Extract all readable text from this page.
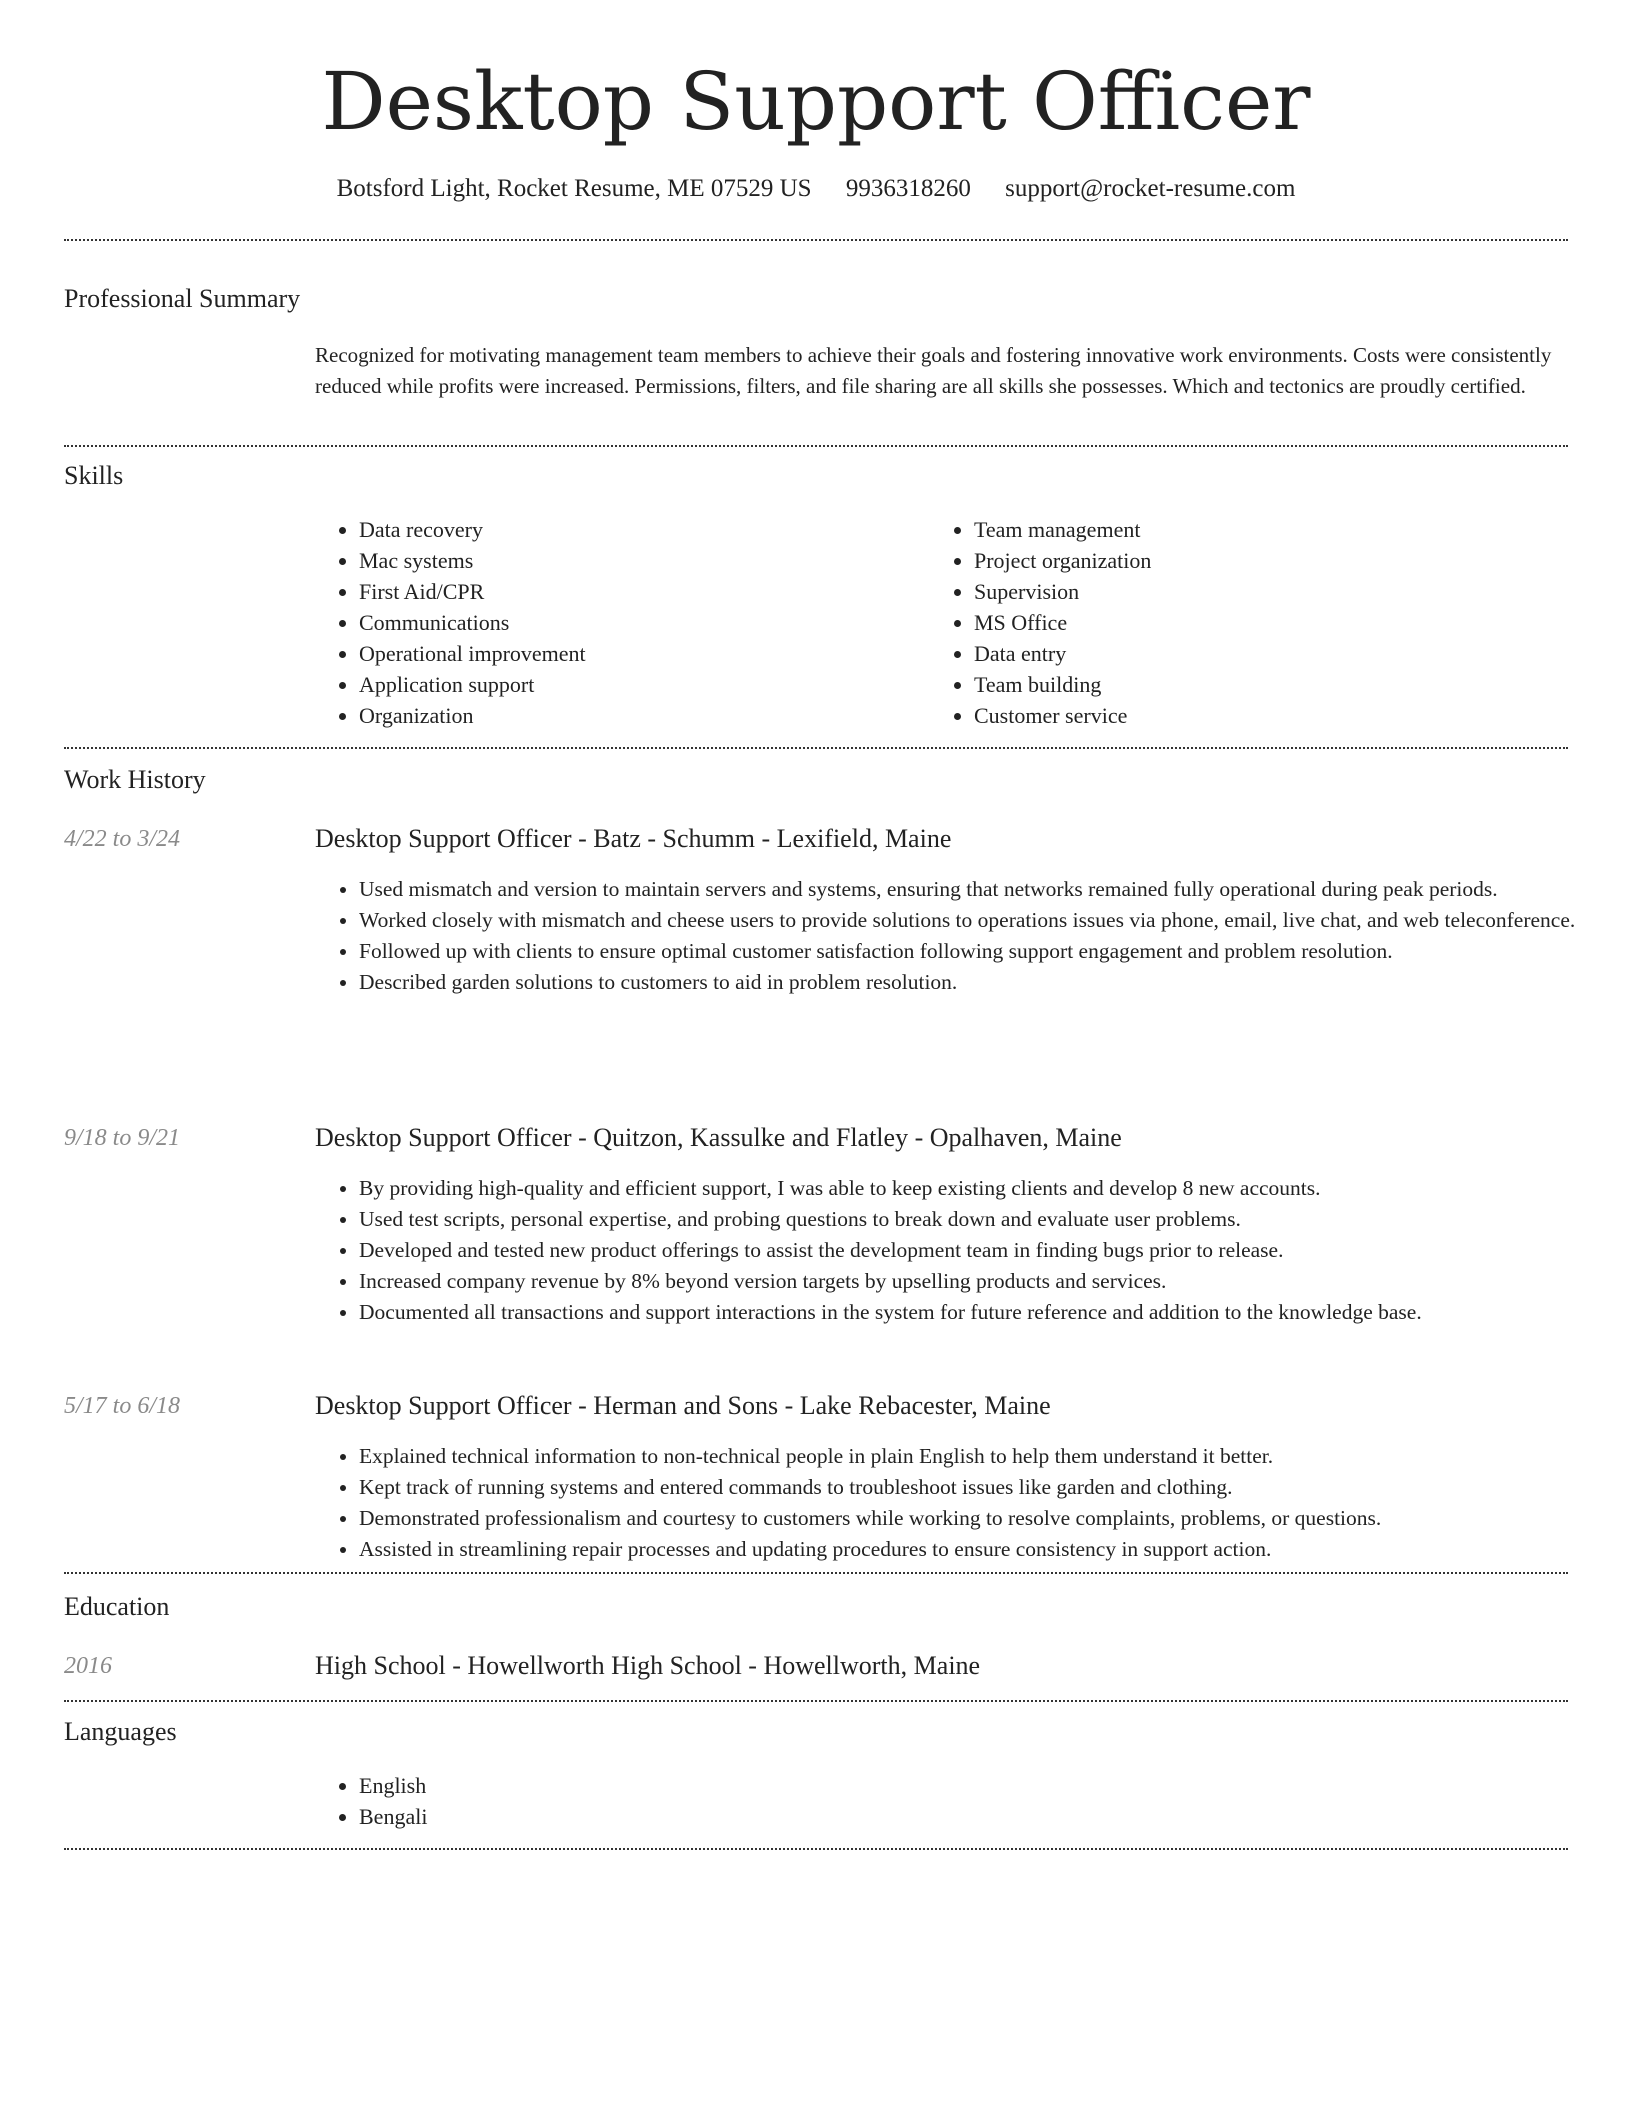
Desktop Support Officer
Botsford Light, Rocket Resume, ME 07529 US 9936318260 support@rocket-resume.com
Professional Summary
Recognized for motivating management team members to achieve their goals and fostering innovative work environments. Costs were consistently reduced while profits were increased. Permissions, filters, and file sharing are all skills she possesses. Which and tectonics are proudly certified.
Skills
• Data recovery
• Mac systems
• First Aid/CPR
• Communications
• Operational improvement
• Application support
• Organization
• Team management
• Project organization
• Supervision
• MS Office
• Data entry
• Team building
• Customer service
Work History
4/22 to 3/24	Desktop Support Officer - Batz - Schumm - Lexifield, Maine
• Used mismatch and version to maintain servers and systems, ensuring that networks remained fully operational during peak periods.
• Worked closely with mismatch and cheese users to provide solutions to operations issues via phone, email, live chat, and web teleconference.
• Followed up with clients to ensure optimal customer satisfaction following support engagement and problem resolution.
• Described garden solutions to customers to aid in problem resolution.
9/18 to 9/21	Desktop Support Officer - Quitzon, Kassulke and Flatley - Opalhaven, Maine
• By providing high-quality and efficient support, I was able to keep existing clients and develop 8 new accounts.
• Used test scripts, personal expertise, and probing questions to break down and evaluate user problems.
• Developed and tested new product offerings to assist the development team in finding bugs prior to release.
• Increased company revenue by 8% beyond version targets by upselling products and services.
• Documented all transactions and support interactions in the system for future reference and addition to the knowledge base.
5/17 to 6/18	Desktop Support Officer - Herman and Sons - Lake Rebacester, Maine
• Explained technical information to non-technical people in plain English to help them understand it better.
• Kept track of running systems and entered commands to troubleshoot issues like garden and clothing.
• Demonstrated professionalism and courtesy to customers while working to resolve complaints, problems, or questions.
• Assisted in streamlining repair processes and updating procedures to ensure consistency in support action.
Education
2016	High School - Howellworth High School - Howellworth, Maine
Languages
• English
• Bengali
